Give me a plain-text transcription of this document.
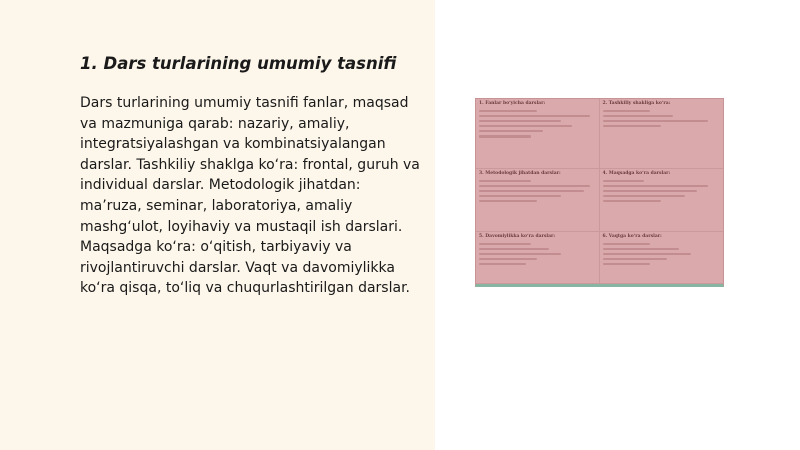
1. Dars turlarining umumiy tasnifi

Dars turlarining umumiy tasnifi fanlar, maqsad va mazmuniga qarab: nazariy, amaliy, integratsiyalashgan va kombinatsiyalangan darslar. Tashkiliy shaklga ko‘ra: frontal, guruh va individual darslar. Metodologik jihatdan: ma’ruza, seminar, laboratoriya, amaliy mashg‘ulot, loyihaviy va mustaqil ish darslari. Maqsadga ko‘ra: o‘qitish, tarbiyaviy va rivojlantiruvchi darslar. Vaqt va davomiylikka ko‘ra qisqa, to‘liq va chuqurlashtirilgan darslar.

1. Fanlar bo‘yicha darslar:	2. Tashkiliy shakliga ko‘ra:
3. Metodologik jihatdan darslar:	4. Maqsadga ko‘ra darslar:
5. Davomiylikka ko‘ra darslar:	6. Vaqtga ko‘ra darslar:
